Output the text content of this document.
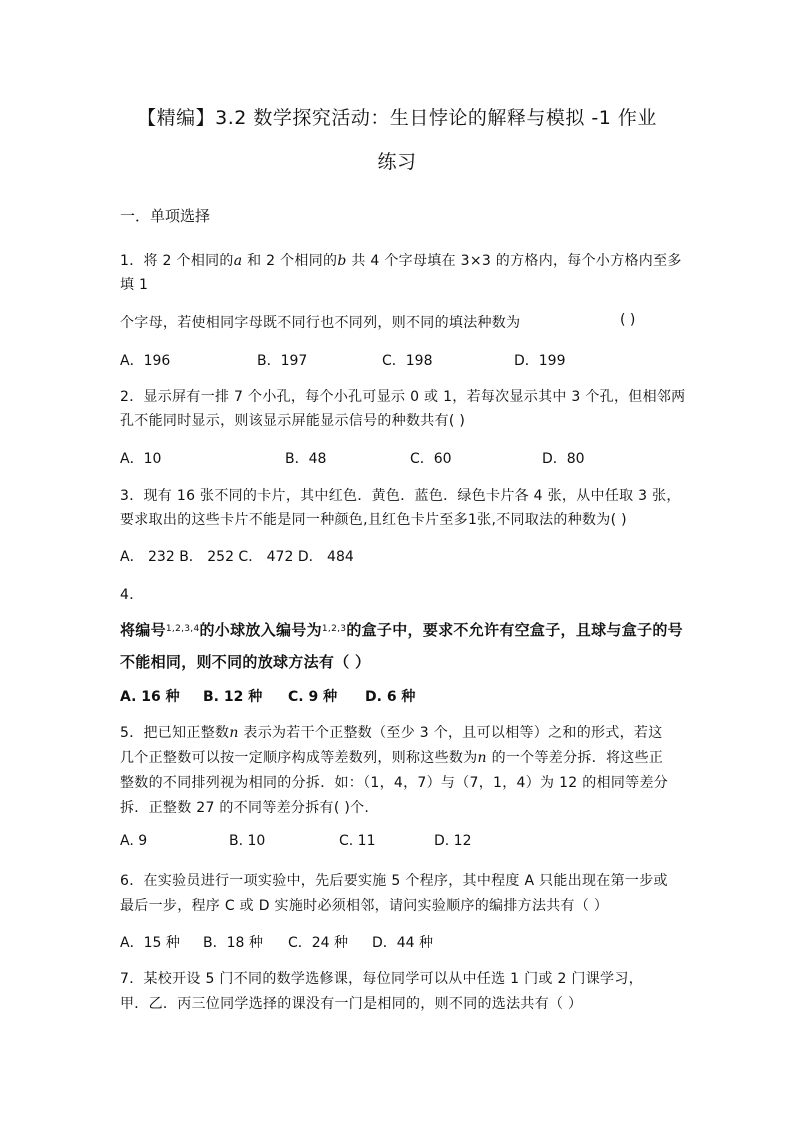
【精编】3.2 数学探究活动：生日悖论的解释与模拟 -1 作业
练习
一．单项选择
1．将 2 个相同的a 和 2 个相同的b 共 4 个字母填在 3×3 的方格内，每个小方格内至多
填 1
个字母，若使相同字母既不同行也不同列，则不同的填法种数为	( )
A．196	B．197	C．198	D．199
2．显示屏有一排 7 个小孔，每个小孔可显示 0 或 1，若每次显示其中 3 个孔，但相邻两
孔不能同时显示，则该显示屏能显示信号的种数共有( )
A．10	B．48	C．60	D．80
3．现有 16 张不同的卡片，其中红色．黄色．蓝色．绿色卡片各 4 张，从中任取 3 张，
要求取出的这些卡片不能是同一种颜色,且红色卡片至多1张,不同取法的种数为( )
A． 232 B． 252 C． 472 D． 484
4．
将编号$^{1,2,3,4}$的小球放入编号为$^{1,2,3}$的盒子中，要求不允许有空盒子，且球与盒子的号
不能相同，则不同的放球方法有（ ）
A. 16 种 B. 12 种 C. 9 种 D. 6 种
5．把已知正整数n 表示为若干个正整数（至少 3 个，且可以相等）之和的形式，若这
几个正整数可以按一定顺序构成等差数列，则称这些数为n 的一个等差分拆．将这些正
整数的不同排列视为相同的分拆．如：（1，4，7）与（7，1，4）为 12 的相同等差分
拆．正整数 27 的不同等差分拆有( )个.
A. 9	B. 10	C. 11	D. 12
6．在实验员进行一项实验中，先后要实施 5 个程序，其中程度 A 只能出现在第一步或
最后一步，程序 C 或 D 实施时必须相邻，请问实验顺序的编排方法共有（ ）
A．15 种 B．18 种 C．24 种 D．44 种
7．某校开设 5 门不同的数学选修课，每位同学可以从中任选 1 门或 2 门课学习，
甲．乙．丙三位同学选择的课没有一门是相同的，则不同的选法共有（ ）
